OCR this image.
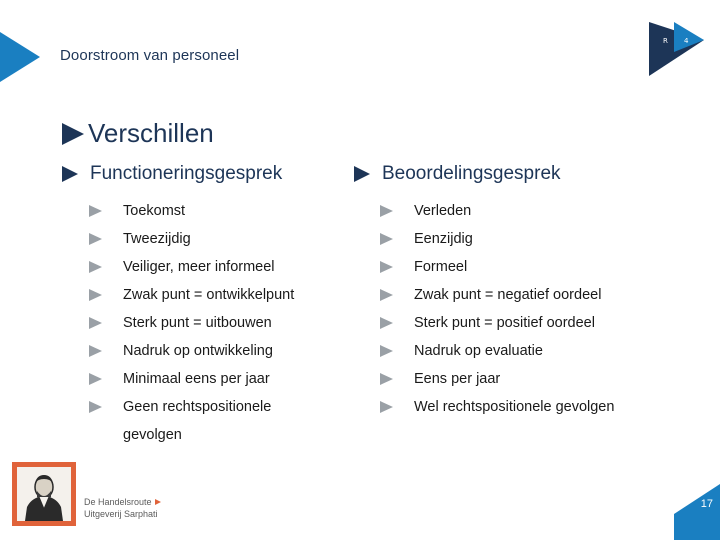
Doorstroom van personeel
R 4
Verschillen
Functioneringsgesprek	Beoordelingsgesprek
Toekomst
Tweezijdig
Veiliger, meer informeel
Zwak punt = ontwikkelpunt
Sterk punt = uitbouwen
Nadruk op ontwikkeling
Minimaal eens per jaar
Geen rechtspositionele gevolgen
Verleden
Eenzijdig
Formeel
Zwak punt = negatief oordeel
Sterk punt = positief oordeel
Nadruk op evaluatie
Eens per jaar
Wel rechtspositionele gevolgen
De Handelsroute
Uitgeverij Sarphati
17
